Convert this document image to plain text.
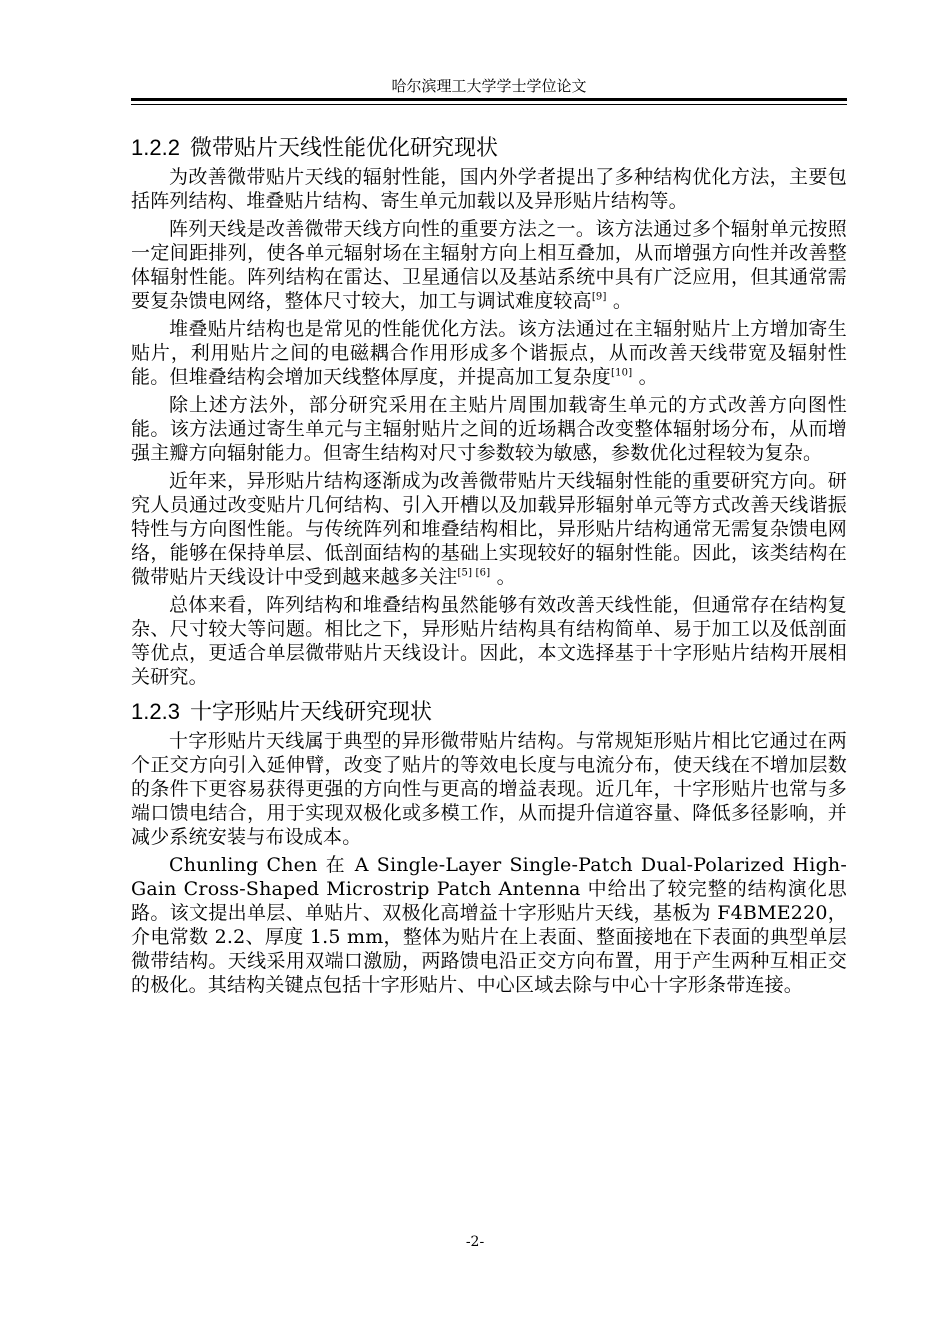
哈尔滨理工大学学士学位论文
1.2.2 微带贴片天线性能优化研究现状

为改善微带贴片天线的辐射性能，国内外学者提出了多种结构优化方法，主要包括阵列结构、堆叠贴片结构、寄生单元加载以及异形贴片结构等。

阵列天线是改善微带天线方向性的重要方法之一。该方法通过多个辐射单元按照一定间距排列，使各单元辐射场在主辐射方向上相互叠加，从而增强方向性并改善整体辐射性能。阵列结构在雷达、卫星通信以及基站系统中具有广泛应用，但其通常需要复杂馈电网络，整体尺寸较大，加工与调试难度较高[9] 。

堆叠贴片结构也是常见的性能优化方法。该方法通过在主辐射贴片上方增加寄生贴片，利用贴片之间的电磁耦合作用形成多个谐振点，从而改善天线带宽及辐射性能。但堆叠结构会增加天线整体厚度，并提高加工复杂度[10] 。

除上述方法外，部分研究采用在主贴片周围加载寄生单元的方式改善方向图性能。该方法通过寄生单元与主辐射贴片之间的近场耦合改变整体辐射场分布，从而增强主瓣方向辐射能力。但寄生结构对尺寸参数较为敏感，参数优化过程较为复杂。

近年来，异形贴片结构逐渐成为改善微带贴片天线辐射性能的重要研究方向。研究人员通过改变贴片几何结构、引入开槽以及加载异形辐射单元等方式改善天线谐振特性与方向图性能。与传统阵列和堆叠结构相比，异形贴片结构通常无需复杂馈电网络，能够在保持单层、低剖面结构的基础上实现较好的辐射性能。因此，该类结构在微带贴片天线设计中受到越来越多关注[5] [6] 。

总体来看，阵列结构和堆叠结构虽然能够有效改善天线性能，但通常存在结构复杂、尺寸较大等问题。相比之下，异形贴片结构具有结构简单、易于加工以及低剖面等优点，更适合单层微带贴片天线设计。因此，本文选择基于十字形贴片结构开展相关研究。

1.2.3 十字形贴片天线研究现状

十字形贴片天线属于典型的异形微带贴片结构。与常规矩形贴片相比它通过在两个正交方向引入延伸臂，改变了贴片的等效电长度与电流分布，使天线在不增加层数的条件下更容易获得更强的方向性与更高的增益表现。近几年，十字形贴片也常与多端口馈电结合，用于实现双极化或多模工作，从而提升信道容量、降低多径影响，并减少系统安装与布设成本。

Chunling Chen 在 A Single-Layer Single-Patch Dual-Polarized High-Gain Cross-Shaped Microstrip Patch Antenna 中给出了较完整的结构演化思路。该文提出单层、单贴片、双极化高增益十字形贴片天线，基板为 F4BME220，介电常数 2.2、厚度 1.5 mm，整体为贴片在上表面、整面接地在下表面的典型单层微带结构。天线采用双端口激励，两路馈电沿正交方向布置，用于产生两种互相正交的极化。其结构关键点包括十字形贴片、中心区域去除与中心十字形条带连接。

-2-
